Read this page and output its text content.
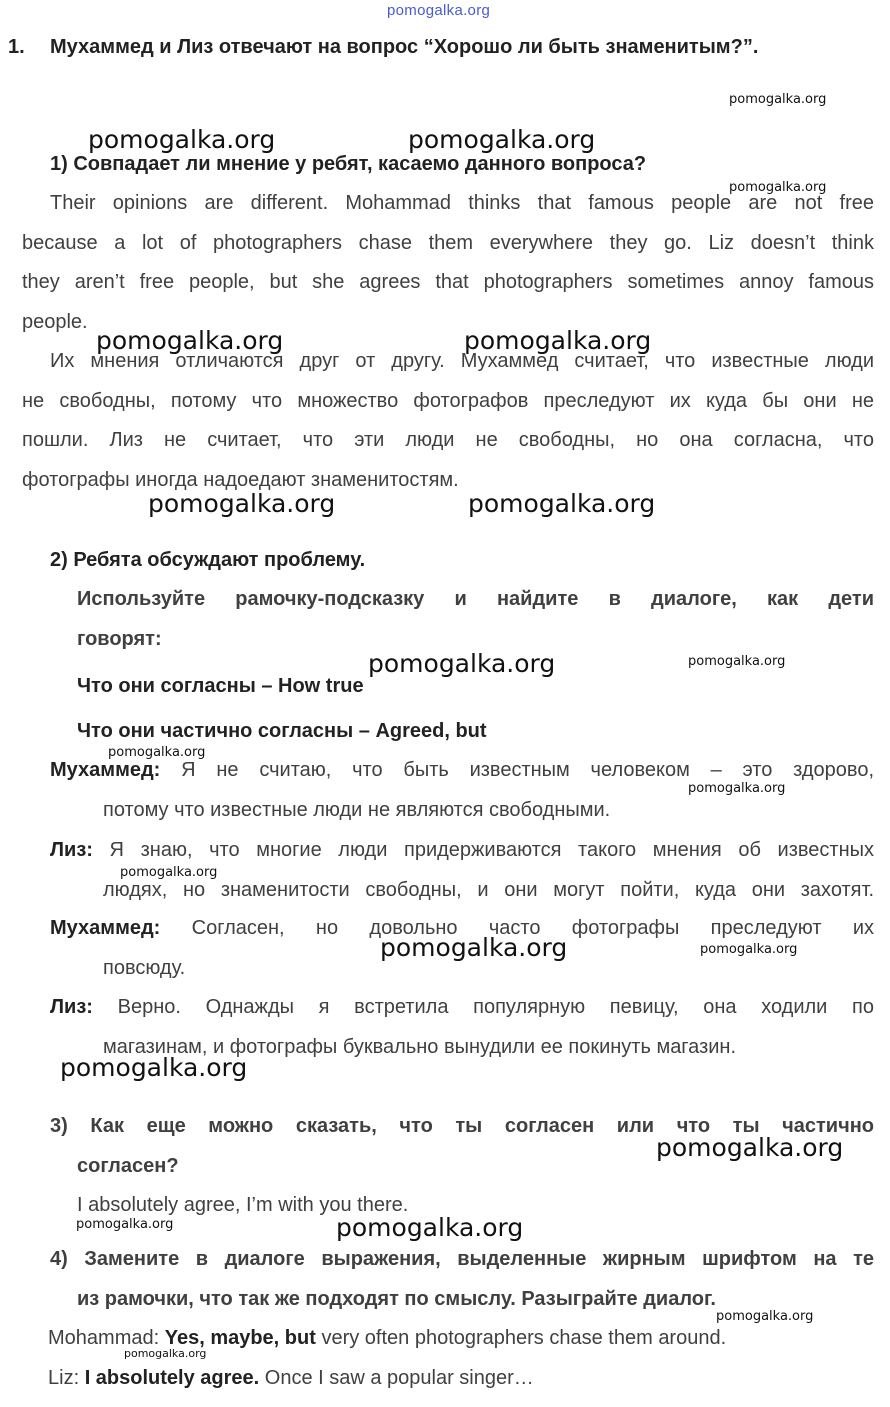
pomogalka.org
1. Мухаммед и Лиз отвечают на вопрос “Хорошо ли быть знаменитым?”.
1) Совпадает ли мнение у ребят, касаемо данного вопроса?
Their opinions are different. Mohammad thinks that famous people are not free
because a lot of photographers chase them everywhere they go. Liz doesn’t think
they aren’t free people, but she agrees that photographers sometimes annoy famous
people.
Их мнения отличаются друг от другу. Мухаммед считает, что известные люди
не свободны, потому что множество фотографов преследуют их куда бы они не
пошли. Лиз не считает, что эти люди не свободны, но она согласна, что
фотографы иногда надоедают знаменитостям.
2) Ребята обсуждают проблему.
Используйте рамочку-подсказку и найдите в диалоге, как дети
говорят:
Что они согласны – How true
Что они частично согласны – Agreed, but
Мухаммед: Я не считаю, что быть известным человеком – это здорово,
потому что известные люди не являются свободными.
Лиз: Я знаю, что многие люди придерживаются такого мнения об известных
людях, но знаменитости свободны, и они могут пойти, куда они захотят.
Мухаммед: Согласен, но довольно часто фотографы преследуют их
повсюду.
Лиз: Верно. Однажды я встретила популярную певицу, она ходили по
магазинам, и фотографы буквально вынудили ее покинуть магазин.
3) Как еще можно сказать, что ты согласен или что ты частично
согласен?
I absolutely agree, I’m with you there.
4) Замените в диалоге выражения, выделенные жирным шрифтом на те
из рамочки, что так же подходят по смыслу. Разыграйте диалог.
Mohammad: Yes, maybe, but very often photographers chase them around.
Liz: I absolutely agree. Once I saw a popular singer…
pomogalka.org
pomogalka.org	pomogalka.org
pomogalka.org
pomogalka.org	pomogalka.org
pomogalka.org	pomogalka.org
pomogalka.org	pomogalka.org
pomogalka.org
pomogalka.org
pomogalka.org
pomogalka.org	pomogalka.org
pomogalka.org
pomogalka.org
pomogalka.org	pomogalka.org
pomogalka.org
pomogalka.org
